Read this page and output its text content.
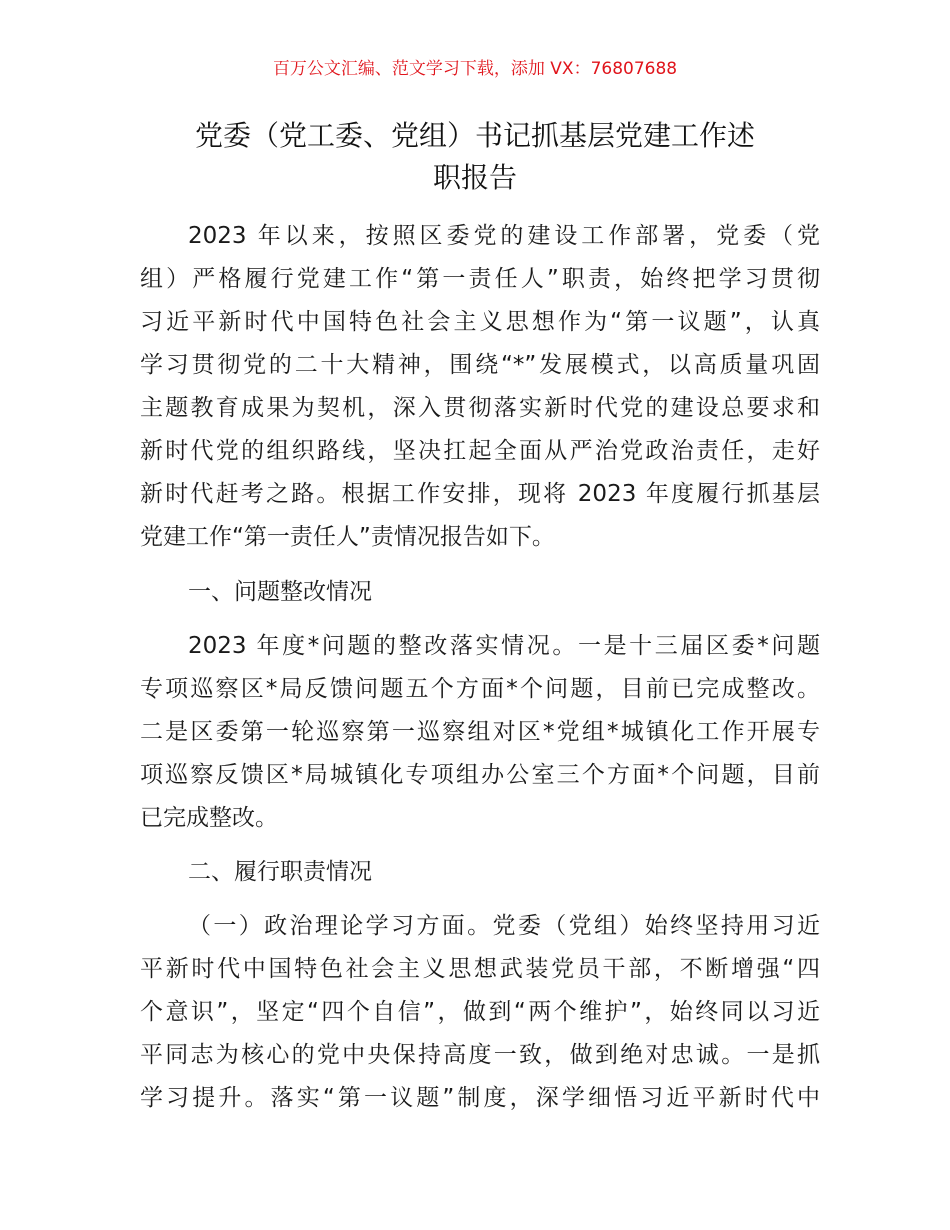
百万公文汇编、范文学习下载，添加 VX：76807688
党委（党工委、党组）书记抓基层党建工作述
职报告
2023 年以来，按照区委党的建设工作部署，党委（党
组）严格履行党建工作“第一责任人”职责，始终把学习贯彻
习近平新时代中国特色社会主义思想作为“第一议题”，认真
学习贯彻党的二十大精神，围绕“*”发展模式，以高质量巩固
主题教育成果为契机，深入贯彻落实新时代党的建设总要求和
新时代党的组织路线，坚决扛起全面从严治党政治责任，走好
新时代赶考之路。根据工作安排，现将 2023 年度履行抓基层
党建工作“第一责任人”责情况报告如下。
一、问题整改情况
2023 年度*问题的整改落实情况。一是十三届区委*问题
专项巡察区*局反馈问题五个方面*个问题，目前已完成整改。
二是区委第一轮巡察第一巡察组对区*党组*城镇化工作开展专
项巡察反馈区*局城镇化专项组办公室三个方面*个问题，目前
已完成整改。
二、履行职责情况
（一）政治理论学习方面。党委（党组）始终坚持用习近
平新时代中国特色社会主义思想武装党员干部，不断增强“四
个意识”，坚定“四个自信”，做到“两个维护”，始终同以习近
平同志为核心的党中央保持高度一致，做到绝对忠诚。一是抓
学习提升。落实“第一议题”制度，深学细悟习近平新时代中
